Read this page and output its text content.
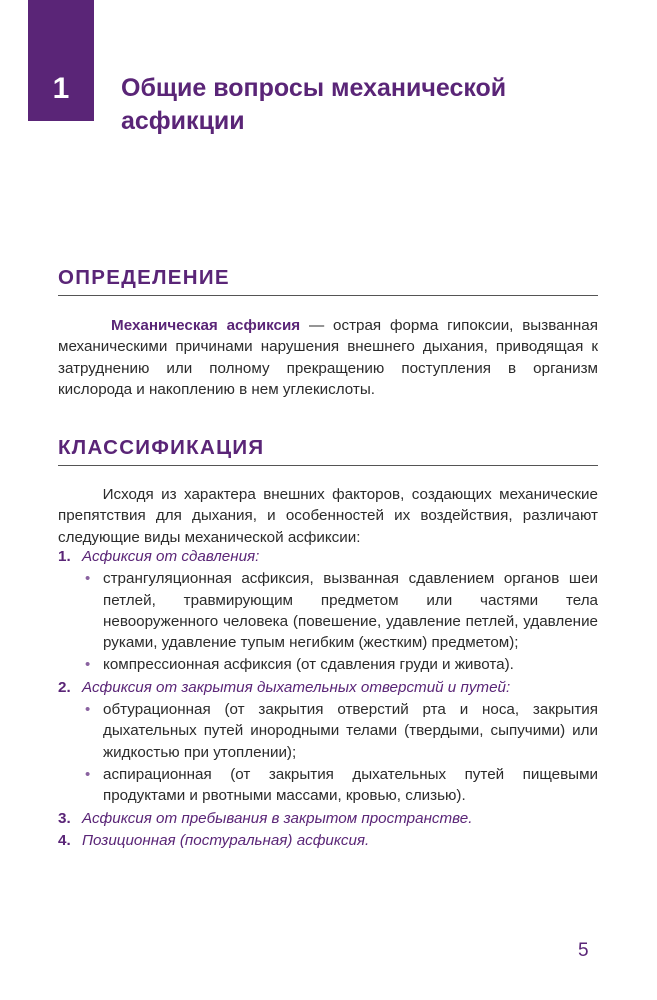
1 Общие вопросы механической асфикции
ОПРЕДЕЛЕНИЕ
Механическая асфиксия — острая форма гипоксии, вызванная механическими причинами нарушения внешнего дыхания, приводящая к затруднению или полному прекращению поступления в организм кислорода и накоплению в нем углекислоты.
КЛАССИФИКАЦИЯ
Исходя из характера внешних факторов, создающих механические препятствия для дыхания, и особенностей их воздействия, различают следующие виды механической асфиксии:
1. Асфиксия от сдавления:
• странгуляционная асфиксия, вызванная сдавлением органов шеи петлей, травмирующим предметом или частями тела невооруженного человека (повешение, удавление петлей, удавление руками, удавление тупым негибким (жестким) предметом);
• компрессионная асфиксия (от сдавления груди и живота).
2. Асфиксия от закрытия дыхательных отверстий и путей:
• обтурационная (от закрытия отверстий рта и носа, закрытия дыхательных путей инородными телами (твердыми, сыпучими) или жидкостью при утоплении);
• аспирационная (от закрытия дыхательных путей пищевыми продуктами и рвотными массами, кровью, слизью).
3. Асфиксия от пребывания в закрытом пространстве.
4. Позиционная (постуральная) асфиксия.
5
